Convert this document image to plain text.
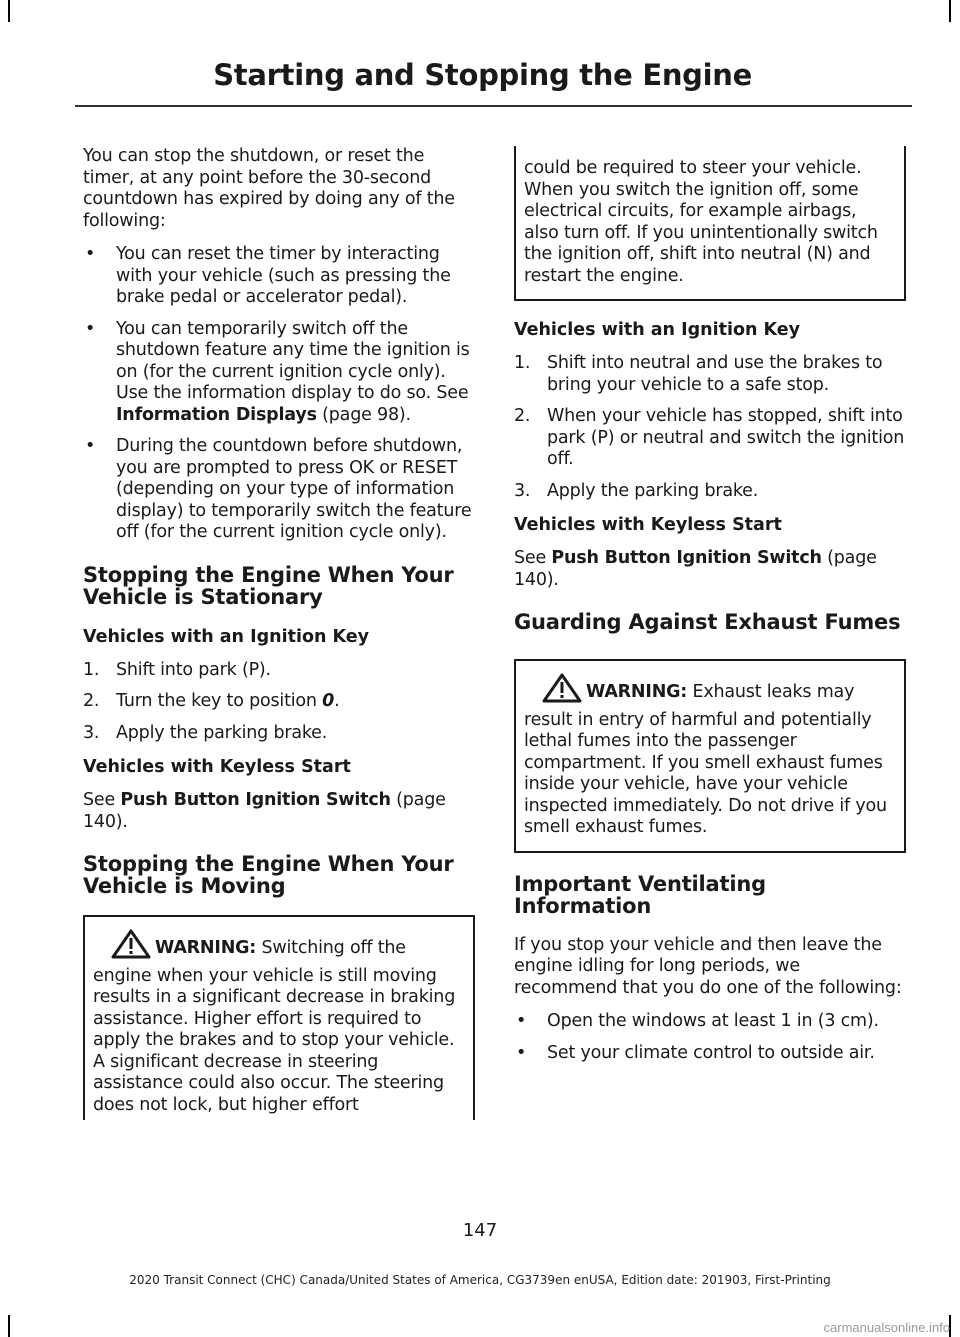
Starting and Stopping the Engine

You can stop the shutdown, or reset the timer, at any point before the 30-second countdown has expired by doing any of the following:

• You can reset the timer by interacting with your vehicle (such as pressing the brake pedal or accelerator pedal).
• You can temporarily switch off the shutdown feature any time the ignition is on (for the current ignition cycle only). Use the information display to do so. See Information Displays (page 98).
• During the countdown before shutdown, you are prompted to press OK or RESET (depending on your type of information display) to temporarily switch the feature off (for the current ignition cycle only).
Stopping the Engine When Your Vehicle is Stationary
Vehicles with an Ignition Key
1. Shift into park (P).
2. Turn the key to position 0.
3. Apply the parking brake.
Vehicles with Keyless Start

See Push Button Ignition Switch (page 140).

Stopping the Engine When Your Vehicle is Moving
WARNING: Switching off the engine when your vehicle is still moving results in a significant decrease in braking assistance. Higher effort is required to apply the brakes and to stop your vehicle. A significant decrease in steering assistance could also occur. The steering does not lock, but higher effort
could be required to steer your vehicle. When you switch the ignition off, some electrical circuits, for example airbags, also turn off. If you unintentionally switch the ignition off, shift into neutral (N) and restart the engine.
Vehicles with an Ignition Key
1. Shift into neutral and use the brakes to bring your vehicle to a safe stop.
2. When your vehicle has stopped, shift into park (P) or neutral and switch the ignition off.
3. Apply the parking brake.
Vehicles with Keyless Start

See Push Button Ignition Switch (page 140).

Guarding Against Exhaust Fumes
WARNING: Exhaust leaks may result in entry of harmful and potentially lethal fumes into the passenger compartment. If you smell exhaust fumes inside your vehicle, have your vehicle inspected immediately. Do not drive if you smell exhaust fumes.
Important Ventilating Information

If you stop your vehicle and then leave the engine idling for long periods, we recommend that you do one of the following:

• Open the windows at least 1 in (3 cm).
• Set your climate control to outside air.
147
2020 Transit Connect (CHC) Canada/United States of America, CG3739en enUSA, Edition date: 201903, First-Printing
carmanualsonline.info
